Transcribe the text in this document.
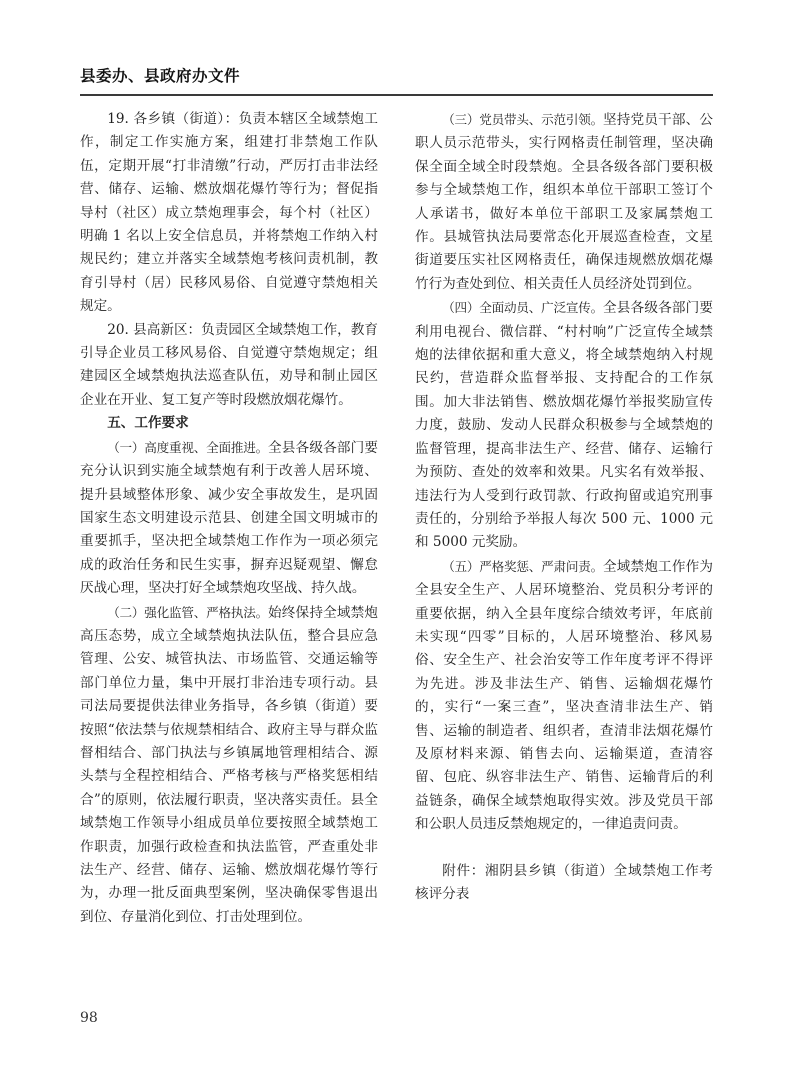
县委办、县政府办文件

19. 各乡镇（街道）：负责本辖区全域禁炮工作，制定工作实施方案，组建打非禁炮工作队伍，定期开展“打非清缴”行动，严厉打击非法经营、储存、运输、燃放烟花爆竹等行为；督促指导村（社区）成立禁炮理事会，每个村（社区）明确 1 名以上安全信息员，并将禁炮工作纳入村规民约；建立并落实全域禁炮考核问责机制，教育引导村（居）民移风易俗、自觉遵守禁炮相关规定。

20. 县高新区：负责园区全域禁炮工作，教育引导企业员工移风易俗、自觉遵守禁炮规定；组建园区全域禁炮执法巡查队伍，劝导和制止园区企业在开业、复工复产等时段燃放烟花爆竹。

五、工作要求

（一）高度重视、全面推进。全县各级各部门要充分认识到实施全域禁炮有利于改善人居环境、提升县域整体形象、减少安全事故发生，是巩固国家生态文明建设示范县、创建全国文明城市的重要抓手，坚决把全域禁炮工作作为一项必须完成的政治任务和民生实事，摒弃迟疑观望、懈怠厌战心理，坚决打好全域禁炮攻坚战、持久战。

（二）强化监管、严格执法。始终保持全域禁炮高压态势，成立全域禁炮执法队伍，整合县应急管理、公安、城管执法、市场监管、交通运输等部门单位力量，集中开展打非治违专项行动。县司法局要提供法律业务指导，各乡镇（街道）要按照“依法禁与依规禁相结合、政府主导与群众监督相结合、部门执法与乡镇属地管理相结合、源头禁与全程控相结合、严格考核与严格奖惩相结合”的原则，依法履行职责，坚决落实责任。县全域禁炮工作领导小组成员单位要按照全域禁炮工作职责，加强行政检查和执法监管，严查重处非法生产、经营、储存、运输、燃放烟花爆竹等行为，办理一批反面典型案例，坚决确保零售退出到位、存量消化到位、打击处理到位。

（三）党员带头、示范引领。坚持党员干部、公职人员示范带头，实行网格责任制管理，坚决确保全面全域全时段禁炮。全县各级各部门要积极参与全域禁炮工作，组织本单位干部职工签订个人承诺书，做好本单位干部职工及家属禁炮工作。县城管执法局要常态化开展巡查检查，文星街道要压实社区网格责任，确保违规燃放烟花爆竹行为查处到位、相关责任人员经济处罚到位。

（四）全面动员、广泛宣传。全县各级各部门要利用电视台、微信群、“村村响”广泛宣传全域禁炮的法律依据和重大意义，将全域禁炮纳入村规民约，营造群众监督举报、支持配合的工作氛围。加大非法销售、燃放烟花爆竹举报奖励宣传力度，鼓励、发动人民群众积极参与全域禁炮的监督管理，提高非法生产、经营、储存、运输行为预防、查处的效率和效果。凡实名有效举报、违法行为人受到行政罚款、行政拘留或追究刑事责任的，分别给予举报人每次 500 元、1000 元和 5000 元奖励。

（五）严格奖惩、严肃问责。全域禁炮工作作为全县安全生产、人居环境整治、党员积分考评的重要依据，纳入全县年度综合绩效考评，年底前未实现“四零”目标的，人居环境整治、移风易俗、安全生产、社会治安等工作年度考评不得评为先进。涉及非法生产、销售、运输烟花爆竹的，实行“一案三查”，坚决查清非法生产、销售、运输的制造者、组织者，查清非法烟花爆竹及原材料来源、销售去向、运输渠道，查清容留、包庇、纵容非法生产、销售、运输背后的利益链条，确保全域禁炮取得实效。涉及党员干部和公职人员违反禁炮规定的，一律追责问责。

附件：湘阴县乡镇（街道）全域禁炮工作考核评分表

98
